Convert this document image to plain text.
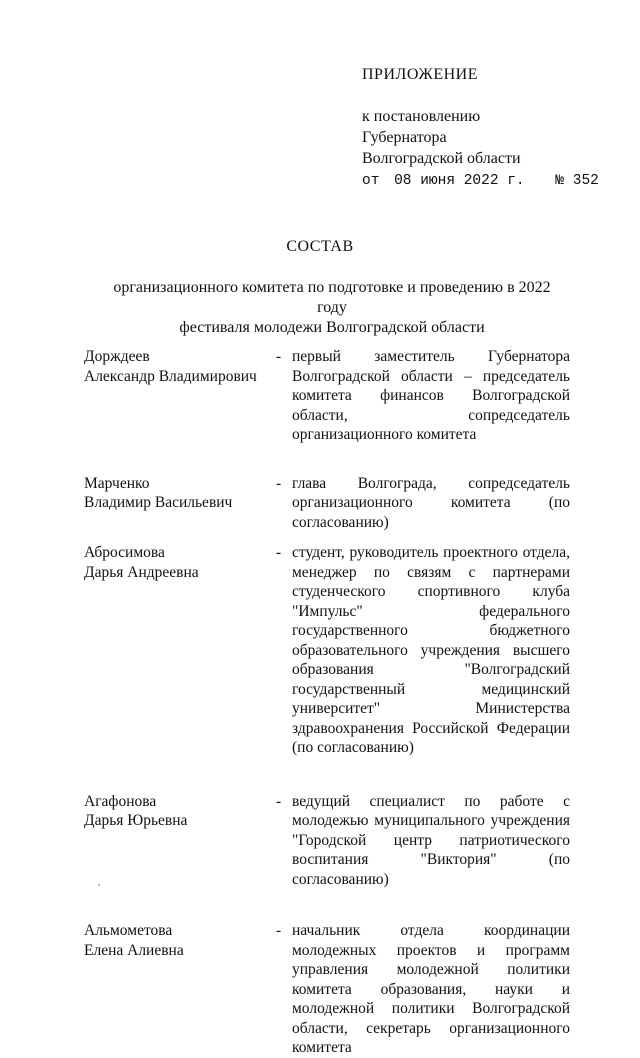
ПРИЛОЖЕНИЕ
к постановлению
Губернатора
Волгоградской области
от 08 июня 2022 г. № 352
СОСТАВ
организационного комитета по подготовке и проведению в 2022 году
фестиваля молодежи Волгоградской области
Дорждеев
Александр Владимирович
- первый заместитель Губернатора Волгоградской области – председатель комитета финансов Волгоградской области, сопредседатель организационного комитета
Марченко
Владимир Васильевич
- глава Волгограда, сопредседатель организационного комитета (по согласованию)
Абросимова
Дарья Андреевна
- студент, руководитель проектного отдела, менеджер по связям с партнерами студенческого спортивного клуба "Импульс" федерального государственного бюджетного образовательного учреждения высшего образования "Волгоградский государственный медицинский университет" Министерства здравоохранения Российской Федерации (по согласованию)
Агафонова
Дарья Юрьевна
- ведущий специалист по работе с молодежью муниципального учреждения "Городской центр патриотического воспитания "Виктория" (по согласованию)
Альмометова
Елена Алиевна
- начальник отдела координации молодежных проектов и программ управления молодежной политики комитета образования, науки и молодежной политики Волгоградской области, секретарь организационного комитета
